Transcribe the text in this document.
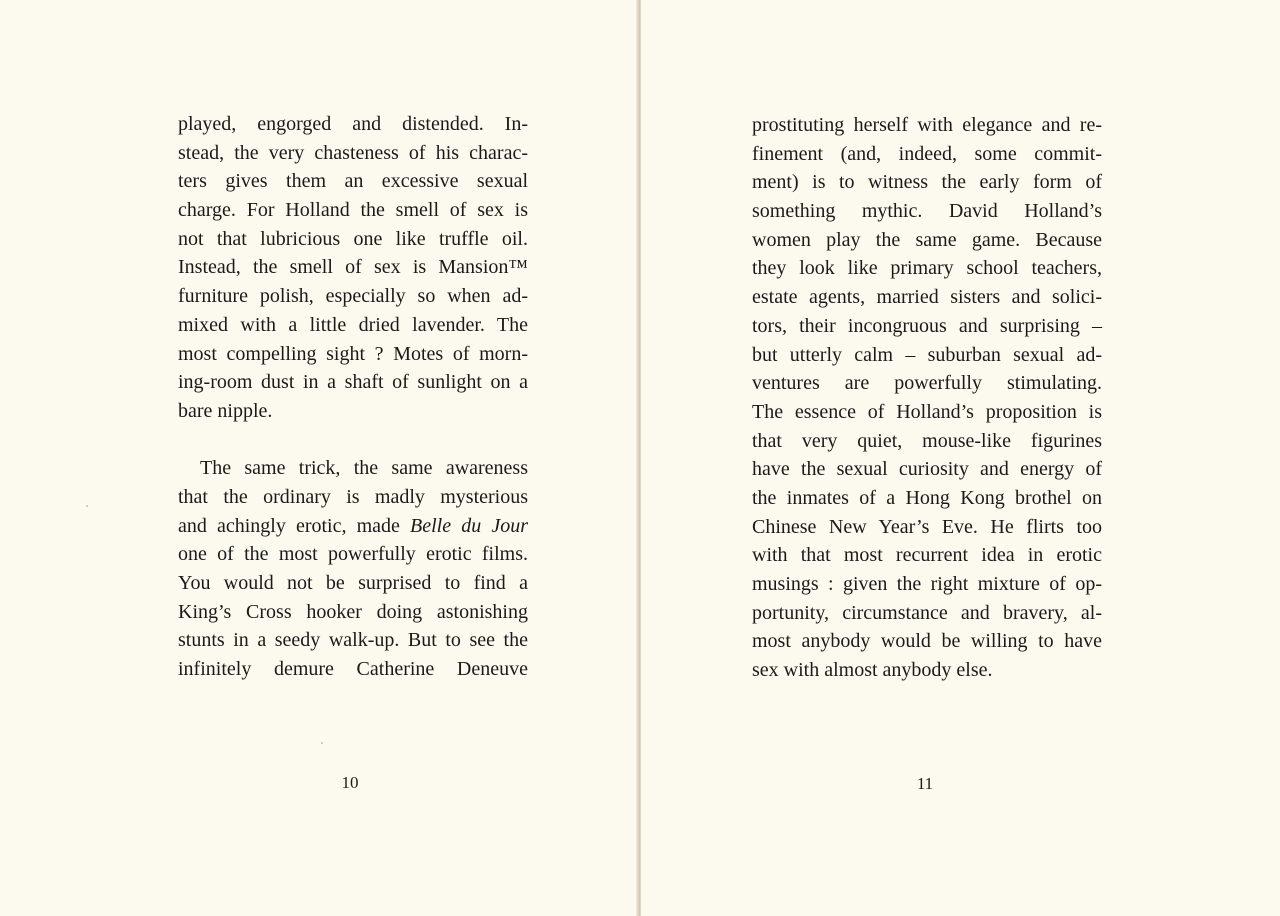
played, engorged and distended. In-
stead, the very chasteness of his charac-
ters gives them an excessive sexual
charge. For Holland the smell of sex is
not that lubricious one like truffle oil.
Instead, the smell of sex is Mansion™
furniture polish, especially so when ad-
mixed with a little dried lavender. The
most compelling sight ? Motes of morn-
ing-room dust in a shaft of sunlight on a
bare nipple.
The same trick, the same awareness
that the ordinary is madly mysterious
and achingly erotic, made Belle du Jour
one of the most powerfully erotic films.
You would not be surprised to find a
King’s Cross hooker doing astonishing
stunts in a seedy walk-up. But to see the
infinitely demure Catherine Deneuve
10
prostituting herself with elegance and re-
finement (and, indeed, some commit-
ment) is to witness the early form of
something mythic. David Holland’s
women play the same game. Because
they look like primary school teachers,
estate agents, married sisters and solici-
tors, their incongruous and surprising –
but utterly calm – suburban sexual ad-
ventures are powerfully stimulating.
The essence of Holland’s proposition is
that very quiet, mouse-like figurines
have the sexual curiosity and energy of
the inmates of a Hong Kong brothel on
Chinese New Year’s Eve. He flirts too
with that most recurrent idea in erotic
musings : given the right mixture of op-
portunity, circumstance and bravery, al-
most anybody would be willing to have
sex with almost anybody else.
11
